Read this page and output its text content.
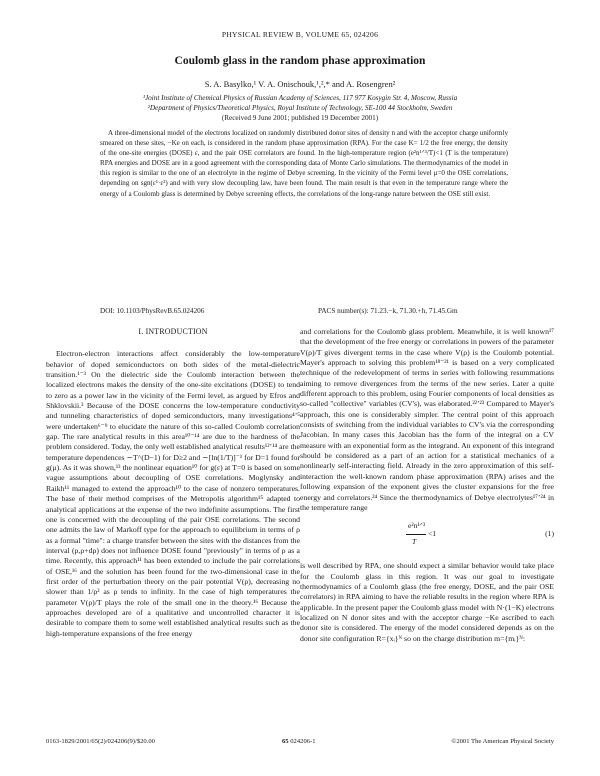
PHYSICAL REVIEW B, VOLUME 65, 024206
Coulomb glass in the random phase approximation
S. A. Basylko,¹ V. A. Onischouk,¹,²,* and A. Rosengren²
¹Joint Institute of Chemical Physics of Russian Academy of Sciences, 117 977 Kosygin Str. 4, Moscow, Russia
²Department of Physics/Theoretical Physics, Royal Institute of Technology, SE-100 44 Stockholm, Sweden
(Received 9 June 2001; published 19 December 2001)

A three-dimensional model of the electrons localized on randomly distributed donor sites of density n and with the acceptor charge uniformly smeared on these sites, −Ke on each, is considered in the random phase approximation (RPA). For the case K= 1/2 the free energy, the density of the one-site energies (DOSE) ε, and the pair OSE correlators are found. In the high-temperature region (e²n¹ᐟ³/T)<1 (T is the temperature) RPA energies and DOSE are in a good agreement with the corresponding data of Monte Carlo simulations. The thermodynamics of the model in this region is similar to the one of an electrolyte in the regime of Debye screening. In the vicinity of the Fermi level μ=0 the OSE correlations, depending on sgn(ε¹·ε²) and with very slow decoupling law, have been found. The main result is that even in the temperature range where the energy of a Coulomb glass is determined by Debye screening effects, the correlations of the long-range nature between the OSE still exist.

DOI: 10.1103/PhysRevB.65.024206	PACS number(s): 71.23.−k, 71.30.+h, 71.45.Gm
I. INTRODUCTION

Electron-electron interactions affect considerably the low-temperature behavior of doped semiconductors on both sides of the metal-dielectric transition.¹⁻³ On the dielectric side the Coulomb interaction between the localized electrons makes the density of the one-site excitations (DOSE) to tend to zero as a power law in the vicinity of the Fermi level, as argued by Efros and Shklovskii.³ Because of the DOSE concerns the low-temperature conductivity and tunneling characteristics of doped semiconductors, many investigations⁴ʼ⁵ were undertaken⁶⁻⁹ to elucidate the nature of this so-called Coulomb correlation gap. The rare analytical results in this area¹⁰⁻¹⁴ are due to the hardness of the problem considered. Today, the only well established analytical results¹²ʼ¹⁴ are the temperature dependences ∼T^(D−1) for D≥2 and ∼[ln(1/T)]⁻¹ for D=1 found for g(μ). As it was shown,¹³ the nonlinear equation¹⁰ for g(ε) at T=0 is based on some vague assumptions about decoupling of OSE correlations. Moglynsky and Raikh¹¹ managed to extend the approach¹⁰ to the case of nonzero temperatures. The base of their method comprises of the Metropolis algorithm¹⁵ adapted to analytical applications at the expense of the two indefinite assumptions. The first one is concerned with the decoupling of the pair OSE correlations. The second one admits the law of Markoff type for the approach to equilibrium in terms of ρ as a formal "time": a charge transfer between the sites with the distances from the interval (ρ,ρ+dρ) does not influence DOSE found "previously" in terms of ρ as a time. Recently, this approach¹¹ has been extended to include the pair correlations of OSE,¹⁶ and the solution has been found for the two-dimensional case in the first order of the perturbation theory on the pair potential V(ρ), decreasing no slower than 1/ρ² as ρ tends to infinity. In the case of high temperatures the parameter V(ρ)/T plays the role of the small one in the theory.¹⁶ Because the approaches developed are of a qualitative and uncontrolled character it is desirable to compare them to some well established analytical results such as the high-temperature expansions of the free energy

and correlations for the Coulomb glass problem. Meanwhile, it is well known¹⁷ that the development of the free energy or correlations in powers of the parameter V(ρ)/T gives divergent terms in the case where V(ρ) is the Coulomb potential. Mayer's approach to solving this problem¹⁸⁻²¹ is based on a very complicated technique of the redevelopment of terms in series with following resummations aiming to remove divergences from the terms of the new series. Later a quite different approach to this problem, using Fourier components of local densities as so-called "collective" variables (CV's), was elaborated.²²ʼ²³ Compared to Mayer's approach, this one is considerably simpler. The central point of this approach consists of switching from the individual variables to CV's via the corresponding Jacobian. In many cases this Jacobian has the form of the integral on a CV measure with an exponential form as the integrand. An exponent of this integrand should be considered as a part of an action for a statistical mechanics of a nonlinearly self-interacting field. Already in the zero approximation of this self-interaction the well-known random phase approximation (RPA) arises and the following expansion of the exponent gives the cluster expansions for the free energy and correlators.²⁴ Since the thermodynamics of Debye electrolytes¹⁷ʼ²⁴ in the temperature range

e²n¹ᐟ³
T
<1	(1)

is well described by RPA, one should expect a similar behavior would take place for the Coulomb glass in this region. It was our goal to investigate thermodynamics of a Coulomb glass (the free energy, DOSE, and the pair OSE correlators) in RPA aiming to have the reliable results in the region where RPA is applicable. In the present paper the Coulomb glass model with N·(1−K) electrons localized on N donor sites and with the acceptor charge −Ke ascribed to each donor site is considered. The energy of the model considered depends as on the donor site configuration R={xᵢ}ᴺ so on the charge distribution m={mᵢ}ᴺ:

0163-1829/2001/65(2)/024206(9)/$20.00	65 024206-1	©2001 The American Physical Society
